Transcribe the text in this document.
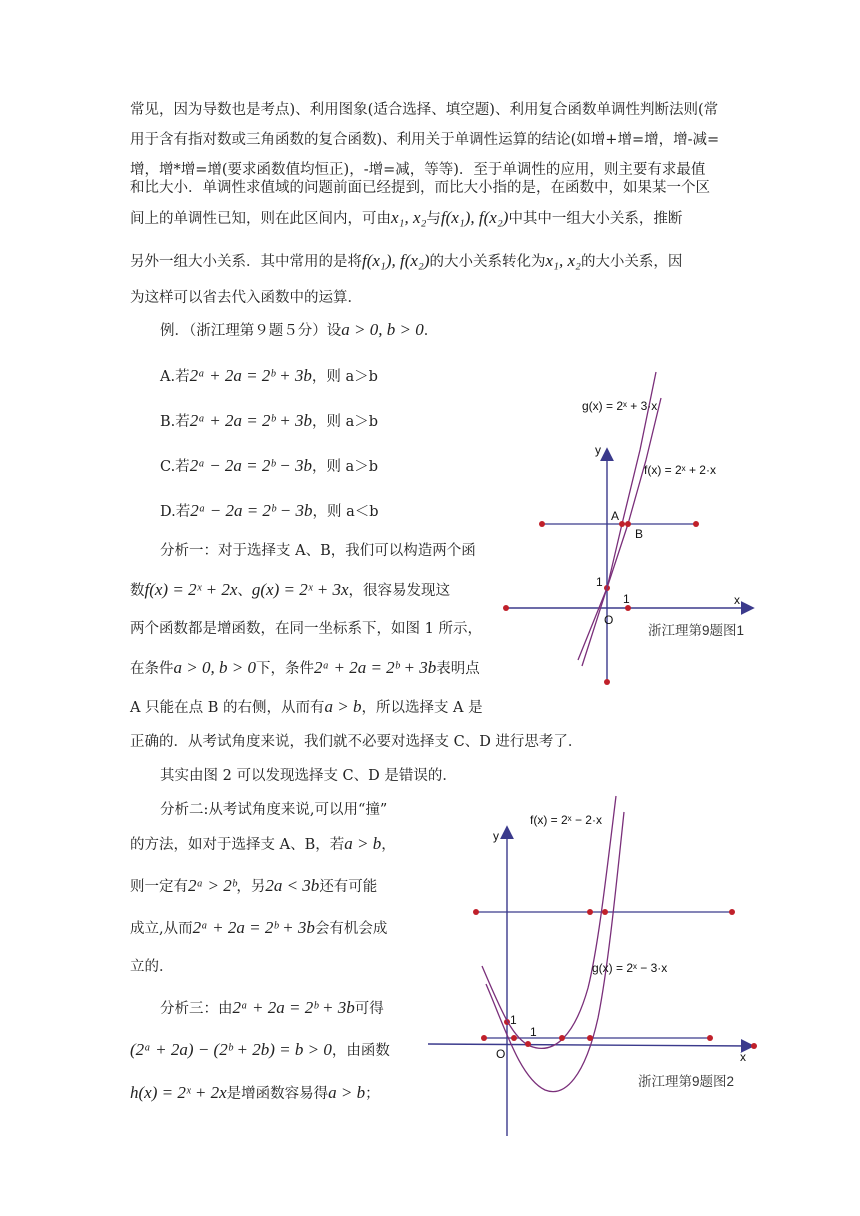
常见，因为导数也是考点)、利用图象(适合选择、填空题)、利用复合函数单调性判断法则(常
用于含有指对数或三角函数的复合函数)、利用关于单调性运算的结论(如增+增=增，增-减=
增，增*增=增(要求函数值均恒正)，-增=减，等等)．至于单调性的应用，则主要有求最值
和比大小．单调性求值域的问题前面已经提到，而比大小指的是，在函数中，如果某一个区
间上的单调性已知，则在此区间内，可由x₁, x₂与f(x₁), f(x₂)中其中一组大小关系，推断
另外一组大小关系．其中常用的是将f(x₁), f(x₂)的大小关系转化为x₁, x₂的大小关系，因
为这样可以省去代入函数中的运算．
例．（浙江理第９题５分）设a > 0, b > 0．
A.若2ᵃ + 2a = 2ᵇ + 3b，则 a＞b
B.若2ᵃ + 2a = 2ᵇ + 3b，则 a＞b
C.若2ᵃ − 2a = 2ᵇ − 3b，则 a＞b
D.若2ᵃ − 2a = 2ᵇ − 3b，则 a＜b
分析一：对于选择支 A、B，我们可以构造两个函
数f(x) = 2ˣ + 2x、g(x) = 2ˣ + 3x，很容易发现这
两个函数都是增函数，在同一坐标系下，如图 1 所示，
在条件a > 0, b > 0下，条件2ᵃ + 2a = 2ᵇ + 3b表明点
A 只能在点 B 的右侧，从而有a > b，所以选择支 A 是
正确的．从考试角度来说，我们就不必要对选择支 C、D 进行思考了．
其实由图 2 可以发现选择支 C、D 是错误的．
分析二:从考试角度来说,可以用“撞”
的方法，如对于选择支 A、B，若a > b，
则一定有2ᵃ > 2ᵇ，另2a < 3b还有可能
成立,从而2ᵃ + 2a = 2ᵇ + 3b会有机会成
立的．
分析三：由2ᵃ + 2a = 2ᵇ + 3b可得
(2ᵃ + 2a) − (2ᵇ + 2b) = b > 0，由函数
h(x) = 2ˣ + 2x是增函数容易得a > b；
g(x) = 2ˣ + 3·x
f(x) = 2ˣ + 2·x
y
x
A
B
1
1
O
浙江理第9题图1
f(x) = 2ˣ − 2·x
g(x) = 2ˣ − 3·x
y
x
1
1
O
浙江理第9题图2
